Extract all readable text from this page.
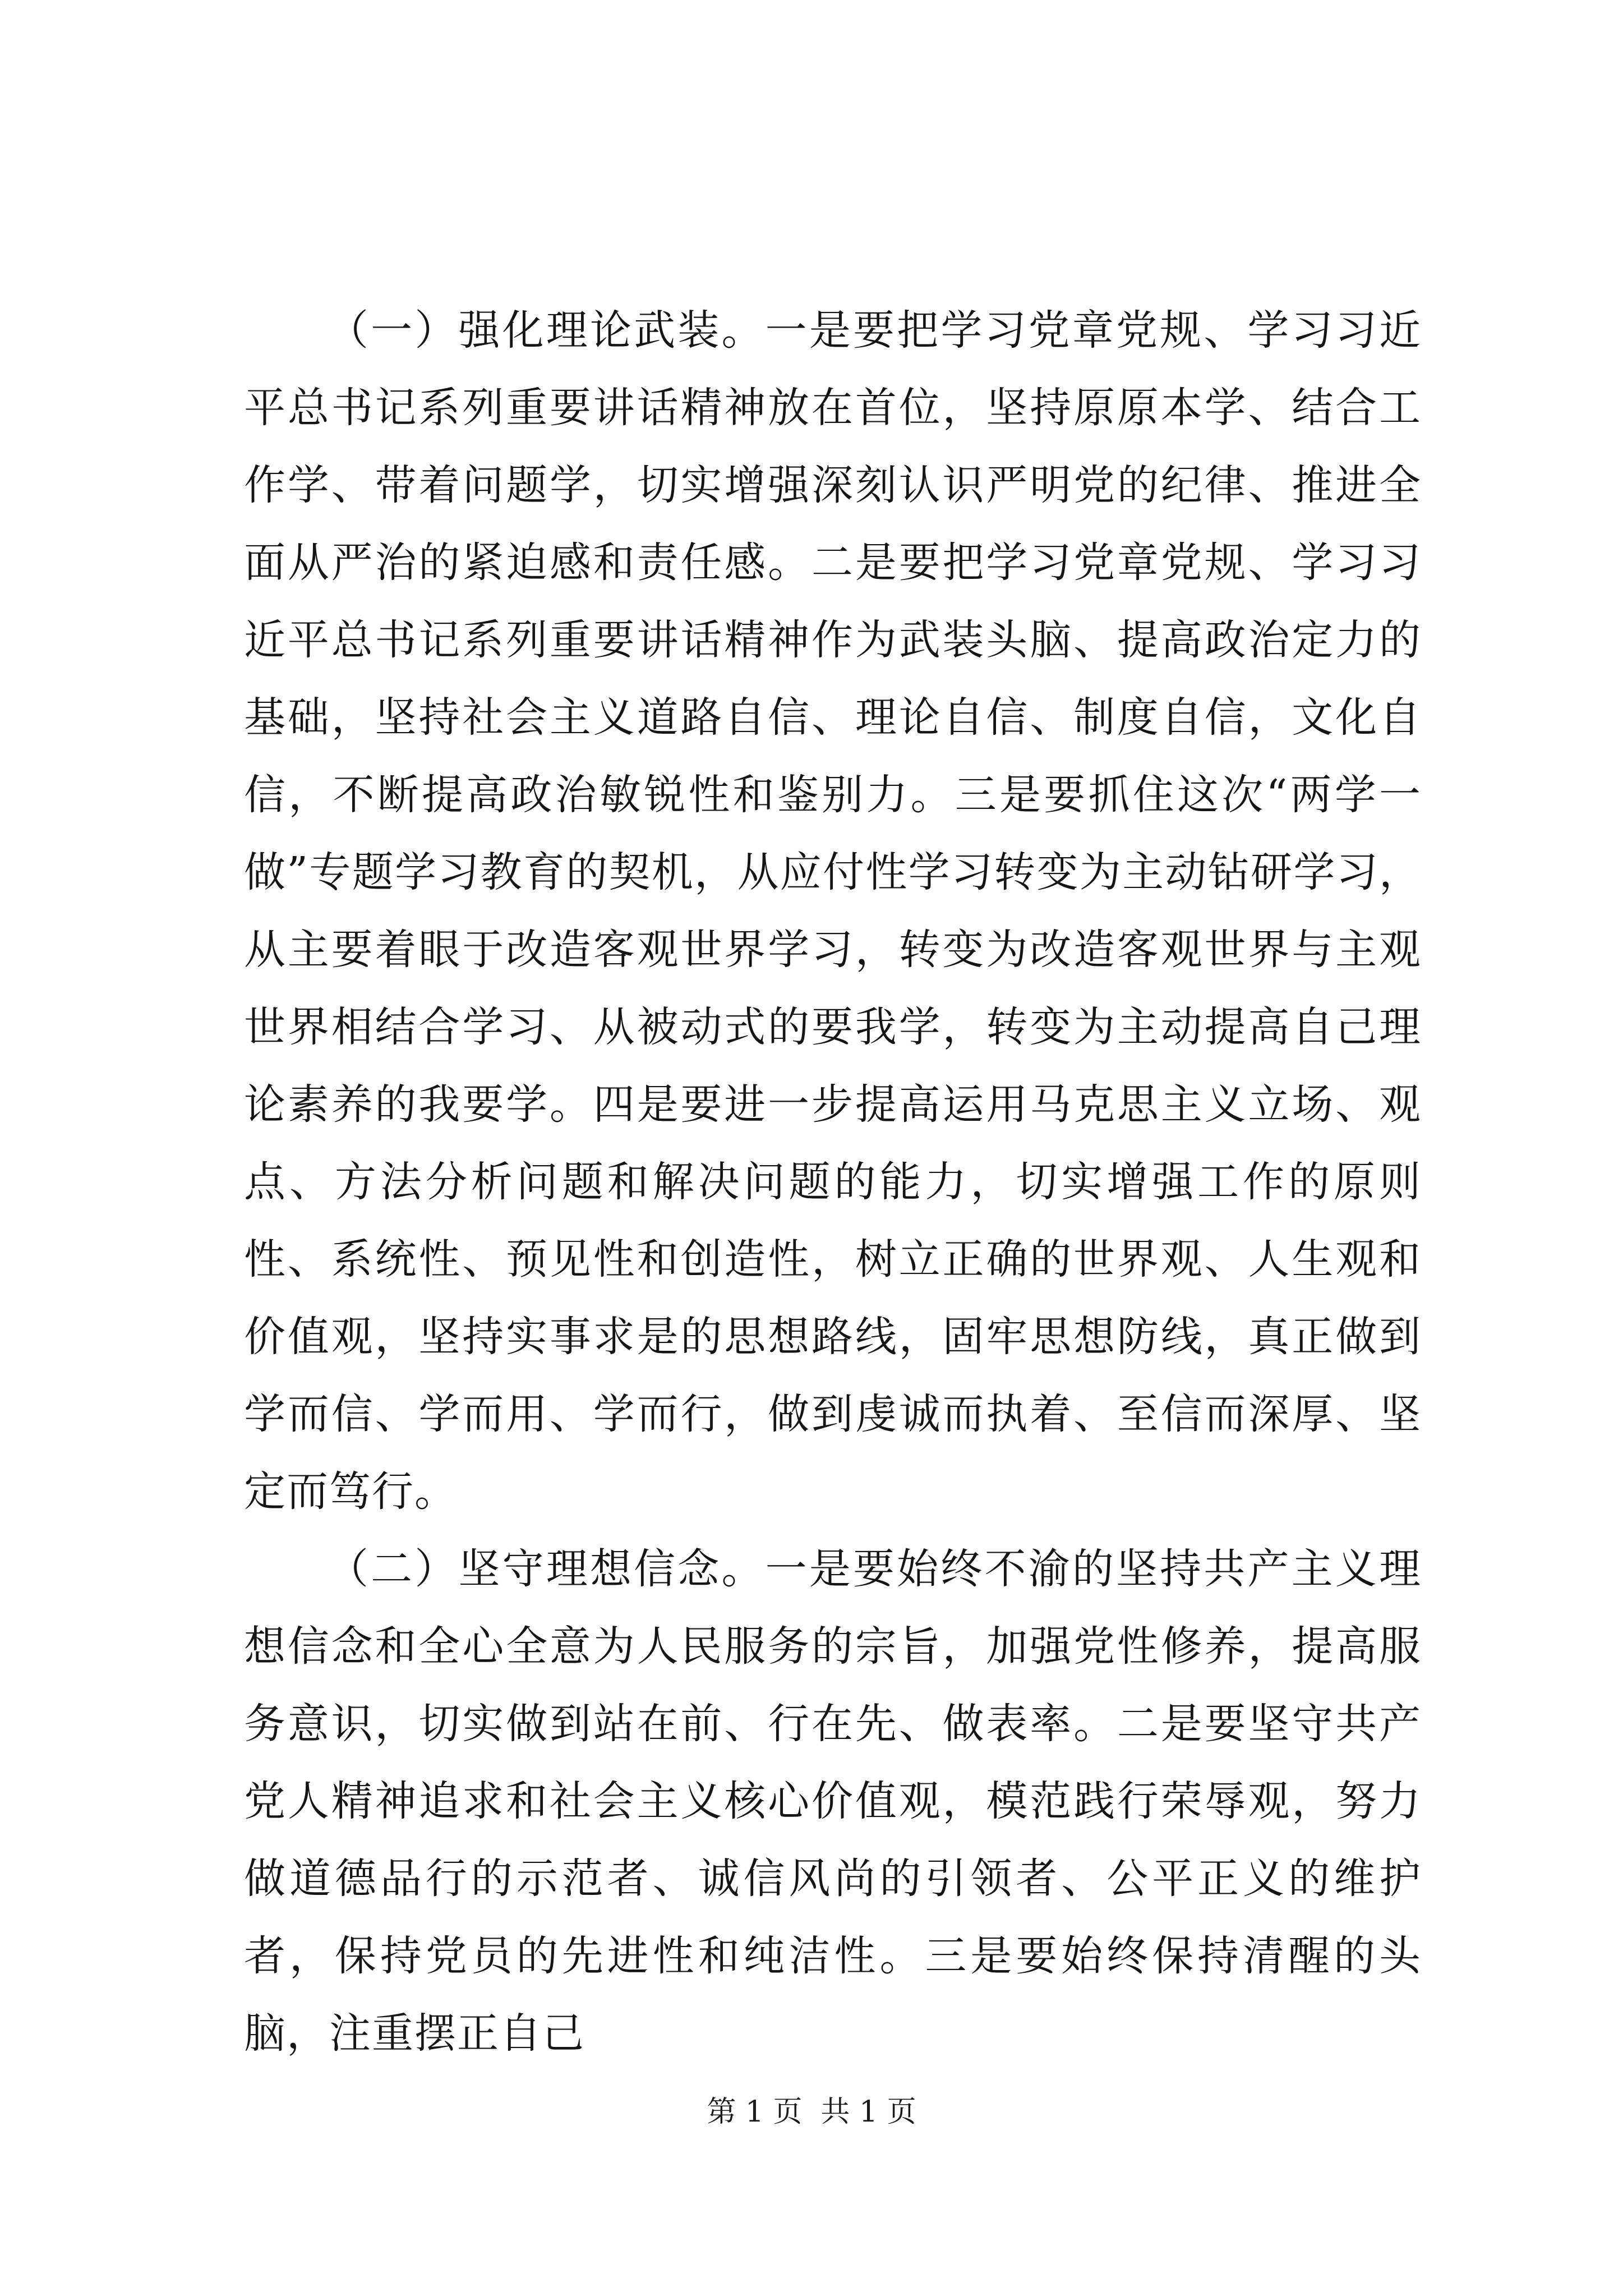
（一）强化理论武装。一是要把学习党章党规、学习习近平总书记系列重要讲话精神放在首位，坚持原原本学、结合工作学、带着问题学，切实增强深刻认识严明党的纪律、推进全面从严治的紧迫感和责任感。二是要把学习党章党规、学习习近平总书记系列重要讲话精神作为武装头脑、提高政治定力的基础，坚持社会主义道路自信、理论自信、制度自信，文化自信，不断提高政治敏锐性和鉴别力。三是要抓住这次“两学一做”专题学习教育的契机，从应付性学习转变为主动钻研学习，从主要着眼于改造客观世界学习，转变为改造客观世界与主观世界相结合学习、从被动式的要我学，转变为主动提高自己理论素养的我要学。四是要进一步提高运用马克思主义立场、观点、方法分析问题和解决问题的能力，切实增强工作的原则性、系统性、预见性和创造性，树立正确的世界观、人生观和价值观，坚持实事求是的思想路线，固牢思想防线，真正做到学而信、学而用、学而行，做到虔诚而执着、至信而深厚、坚定而笃行。

（二）坚守理想信念。一是要始终不渝的坚持共产主义理想信念和全心全意为人民服务的宗旨，加强党性修养，提高服务意识，切实做到站在前、行在先、做表率。二是要坚守共产党人精神追求和社会主义核心价值观，模范践行荣辱观，努力做道德品行的示范者、诚信风尚的引领者、公平正义的维护者，保持党员的先进性和纯洁性。三是要始终保持清醒的头脑，注重摆正自己

第 1 页  共 1 页
